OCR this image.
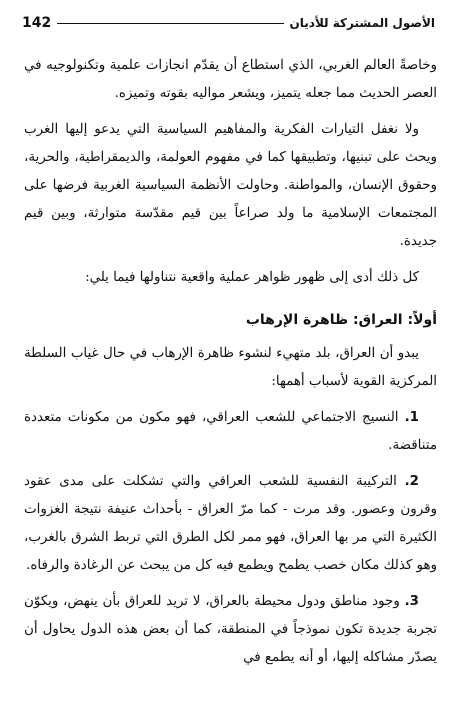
142	الأصول المشتركة للأديان

وخاصةً العالم الغربي، الذي استطاع أن يقدّم انجازات علمية وتكنولوجيه في العصر الحديث مما جعله يتميز، ويشعر مواليه بقوته وتميزه.

ولا نغفل التيارات الفكرية والمفاهيم السياسية التي يدعو إليها الغرب ويحث على تبنيها، وتطبيقها كما في مفهوم العولمة، والديمقراطية، والحرية، وحقوق الإنسان، والمواطنة. وحاولت الأنظمة السياسية الغربية فرضها على المجتمعات الإسلامية ما ولد صراعاً بين قيم مقدّسة متوارثة، وبين قيم جديدة.

كل ذلك أدى إلى ظهور ظواهر عملية واقعية نتناولها فيما يلي:

أولاً: العراق: ظاهرة الإرهاب

يبدو أن العراق، بلد متهيء لنشوء ظاهرة الإرهاب في حال غياب السلطة المركزية القوية لأسباب أهمها:

1. النسيج الاجتماعي للشعب العراقي، فهو مكون من مكونات متعددة متناقضة.

2. التركيبة النفسية للشعب العراقي والتي تشكلت على مدى عقود وقرون وعصور. وقد مرت - كما مرّ العراق - بأحداث عنيفة نتيجة الغزوات الكثيرة التي مر بها العراق، فهو ممر لكل الطرق التي تربط الشرق بالغرب، وهو كذلك مكان خصب يطمح ويطمع فيه كل من يبحث عن الرغادة والرفاه.

3. وجود مناطق ودول محيطة بالعراق، لا تريد للعراق بأن ينهض، ويكوّن تجربة جديدة تكون نموذجاً في المنطقة، كما أن بعض هذه الدول يحاول أن يصدّر مشاكله إليها، أو أنه يطمع في
